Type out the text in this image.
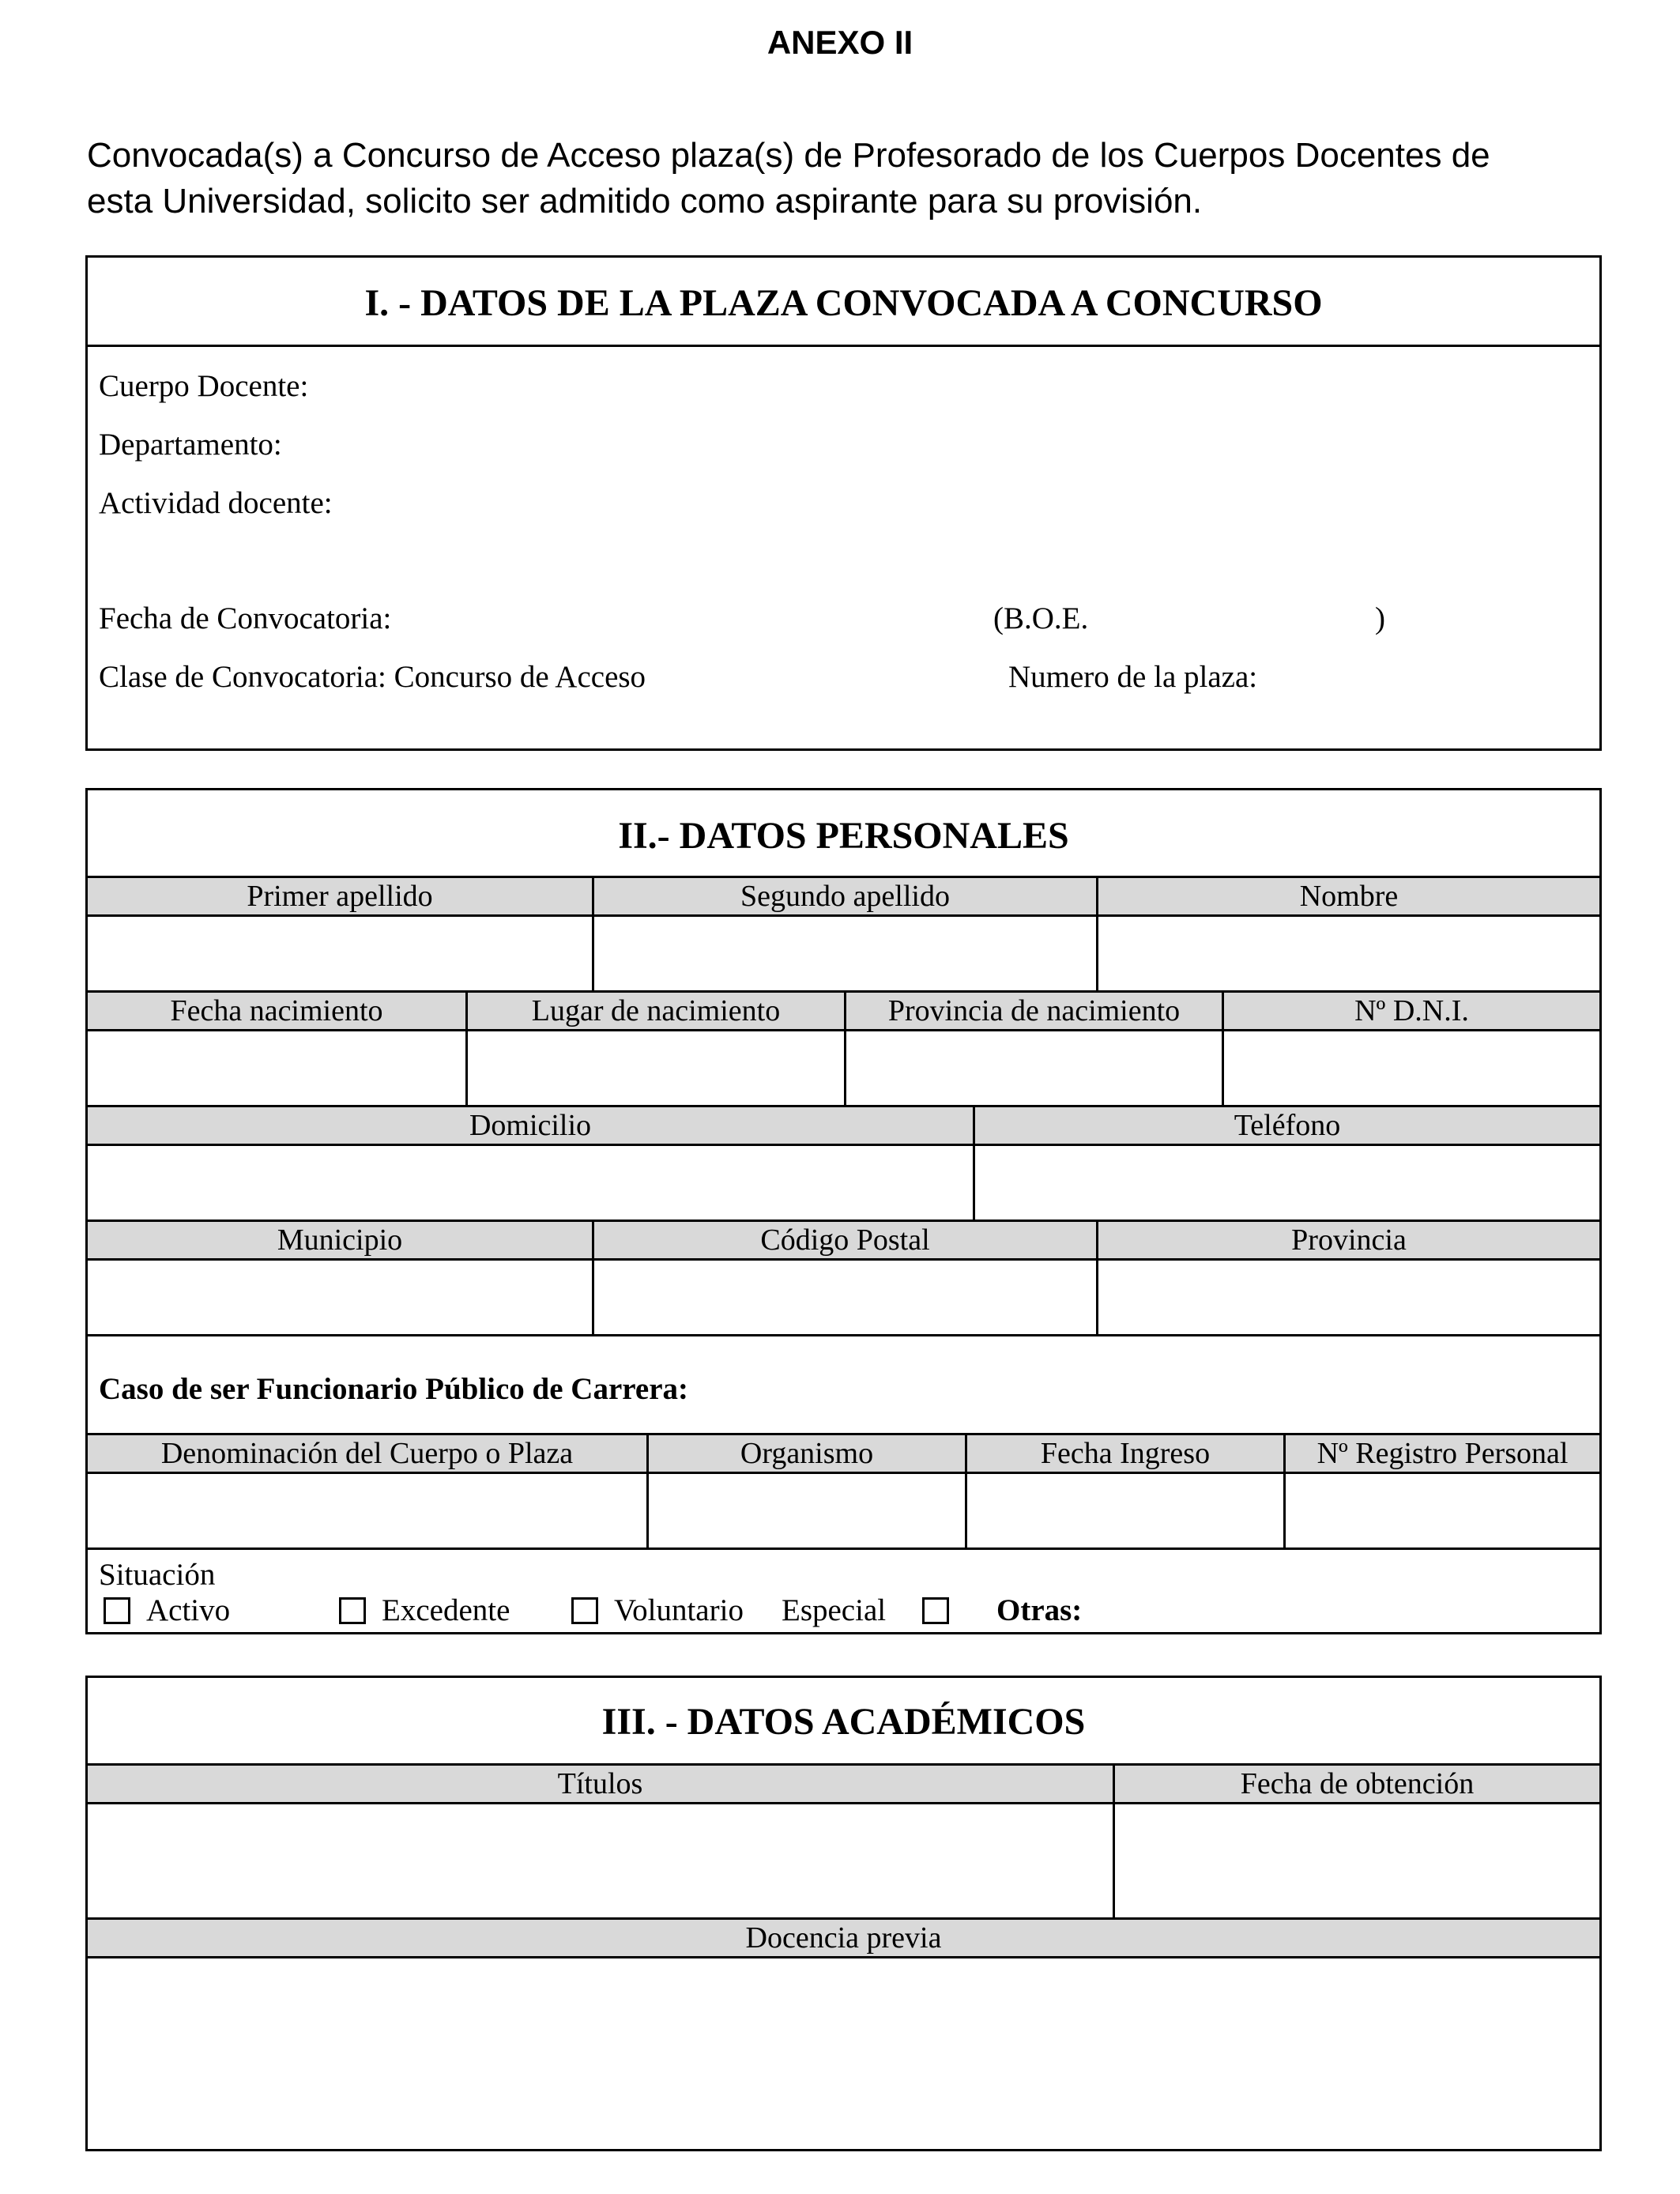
ANEXO II

Convocada(s) a Concurso de Acceso plaza(s) de Profesorado de los Cuerpos Docentes de

esta Universidad, solicito ser admitido como aspirante para su provisión.

I. - DATOS DE LA PLAZA CONVOCADA A CONCURSO
Cuerpo Docente:
Departamento:
Actividad docente:
Fecha de Convocatoria:	(B.O.E.	)
Clase de Convocatoria: Concurso de Acceso	Numero de la plaza:
II.- DATOS PERSONALES
Primer apellido	Segundo apellido	Nombre
Fecha nacimiento	Lugar de nacimiento	Provincia de nacimiento	Nº D.N.I.
Domicilio	Teléfono
Municipio	Código Postal	Provincia
Caso de ser Funcionario Público de Carrera:
Denominación del Cuerpo o Plaza	Organismo	Fecha Ingreso	Nº Registro Personal
Situación
Activo	Excedente	Voluntario Especial	Otras:
III. - DATOS ACADÉMICOS
Títulos	Fecha de obtención
Docencia previa
